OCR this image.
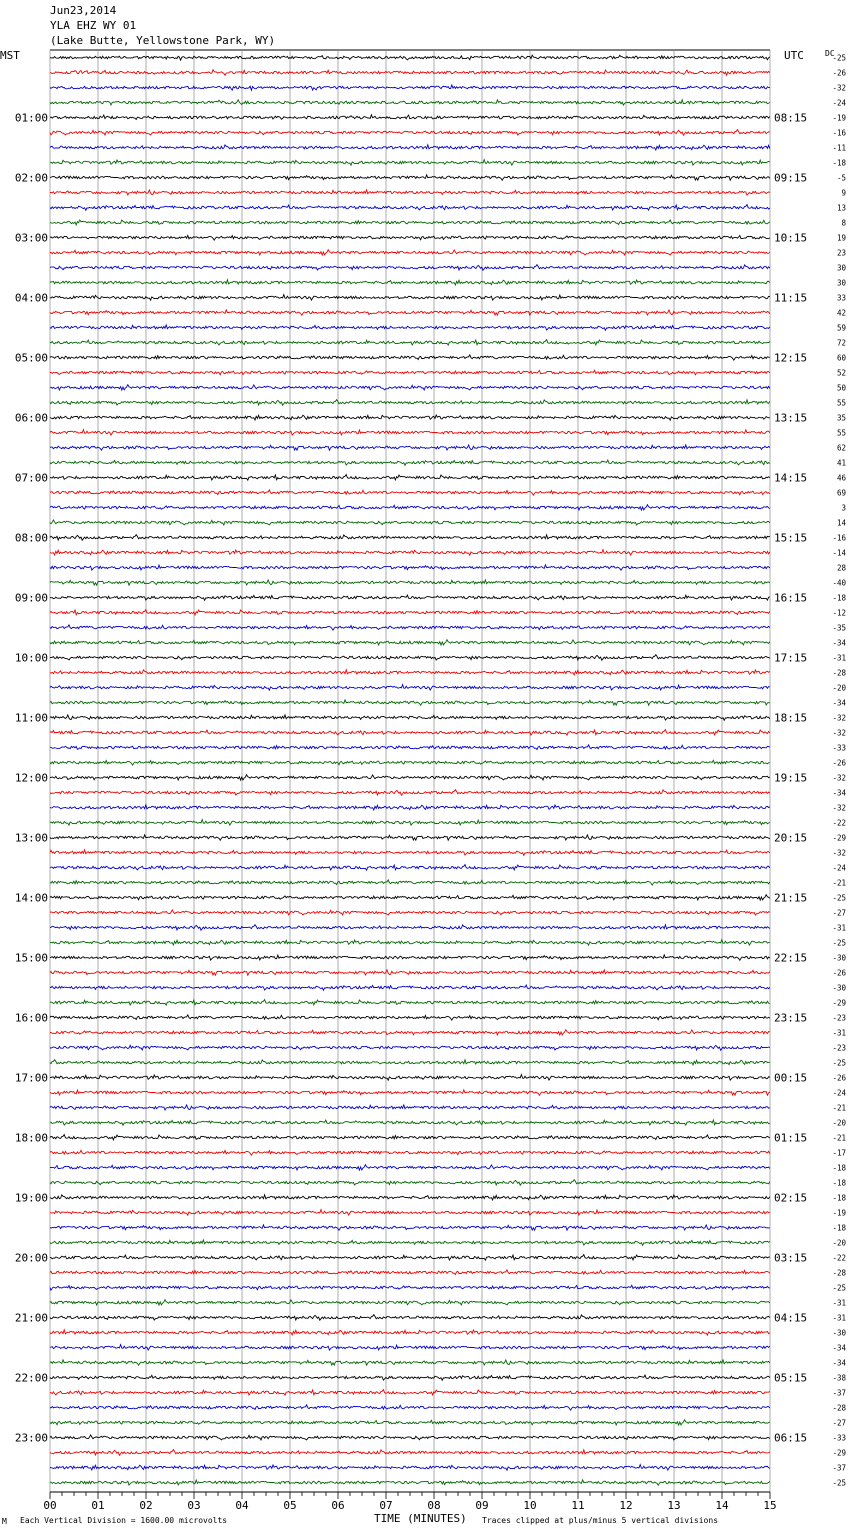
Jun23,2014
YLA EHZ WY 01
(Lake Butte, Yellowstone Park, WY)
MST	UTC	DC
01:00
02:00
03:00
04:00
05:00
06:00
07:00
08:00
09:00
10:00
11:00
12:00
13:00
14:00
15:00
16:00
17:00
18:00
19:00
20:00
21:00
22:00
23:00
08:15
09:15
10:15
11:15
12:15
13:15
14:15
15:15
16:15
17:15
18:15
19:15
20:15
21:15
22:15
23:15
00:15
01:15
02:15
03:15
04:15
05:15
06:15
-25
-26
-32
-24
-19
-16
-11
-18
-5
9
13
8
19
23
30
30
33
42
59
72
60
52
50
55
35
55
62
41
46
69
3
14
-16
-14
28
-40
-18
-12
-35
-34
-31
-28
-20
-34
-32
-32
-33
-26
-32
-34
-32
-22
-29
-32
-24
-21
-25
-27
-31
-25
-30
-26
-30
-29
-23
-31
-23
-25
-26
-24
-21
-20
-21
-17
-18
-18
-18
-19
-18
-20
-22
-28
-25
-31
-31
-30
-34
-34
-38
-37
-28
-27
-33
-29
-37
-25
00	01	02	03	04	05	06	07	08	09	10	11	12	13	14	15
M Each Vertical Division = 1600.00 microvolts	TIME (MINUTES) Traces clipped at plus/minus 5 vertical divisions
